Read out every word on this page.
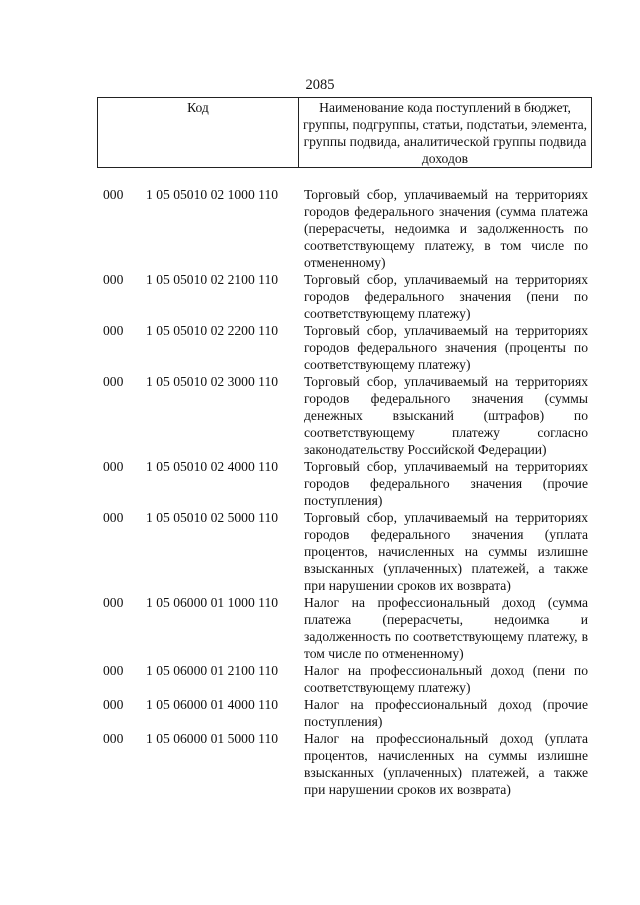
2085
Код	Наименование кода поступлений в бюджет, группы, подгруппы, статьи, подстатьи, элемента, группы подвида, аналитической группы подвида доходов
000 1 05 05010 02 1000 110 Торговый сбор, уплачиваемый на территориях городов федерального значения (сумма платежа (перерасчеты, недоимка и задолженность по соответствующему платежу, в том числе по отмененному)
000 1 05 05010 02 2100 110 Торговый сбор, уплачиваемый на территориях городов федерального значения (пени по соответствующему платежу)
000 1 05 05010 02 2200 110 Торговый сбор, уплачиваемый на территориях городов федерального значения (проценты по соответствующему платежу)
000 1 05 05010 02 3000 110 Торговый сбор, уплачиваемый на территориях городов федерального значения (суммы денежных взысканий (штрафов) по соответствующему платежу согласно законодательству Российской Федерации)
000 1 05 05010 02 4000 110 Торговый сбор, уплачиваемый на территориях городов федерального значения (прочие поступления)
000 1 05 05010 02 5000 110 Торговый сбор, уплачиваемый на территориях городов федерального значения (уплата процентов, начисленных на суммы излишне взысканных (уплаченных) платежей, а также при нарушении сроков их возврата)
000 1 05 06000 01 1000 110 Налог на профессиональный доход (сумма платежа (перерасчеты, недоимка и задолженность по соответствующему платежу, в том числе по отмененному)
000 1 05 06000 01 2100 110 Налог на профессиональный доход (пени по соответствующему платежу)
000 1 05 06000 01 4000 110 Налог на профессиональный доход (прочие поступления)
000 1 05 06000 01 5000 110 Налог на профессиональный доход (уплата процентов, начисленных на суммы излишне взысканных (уплаченных) платежей, а также при нарушении сроков их возврата)
